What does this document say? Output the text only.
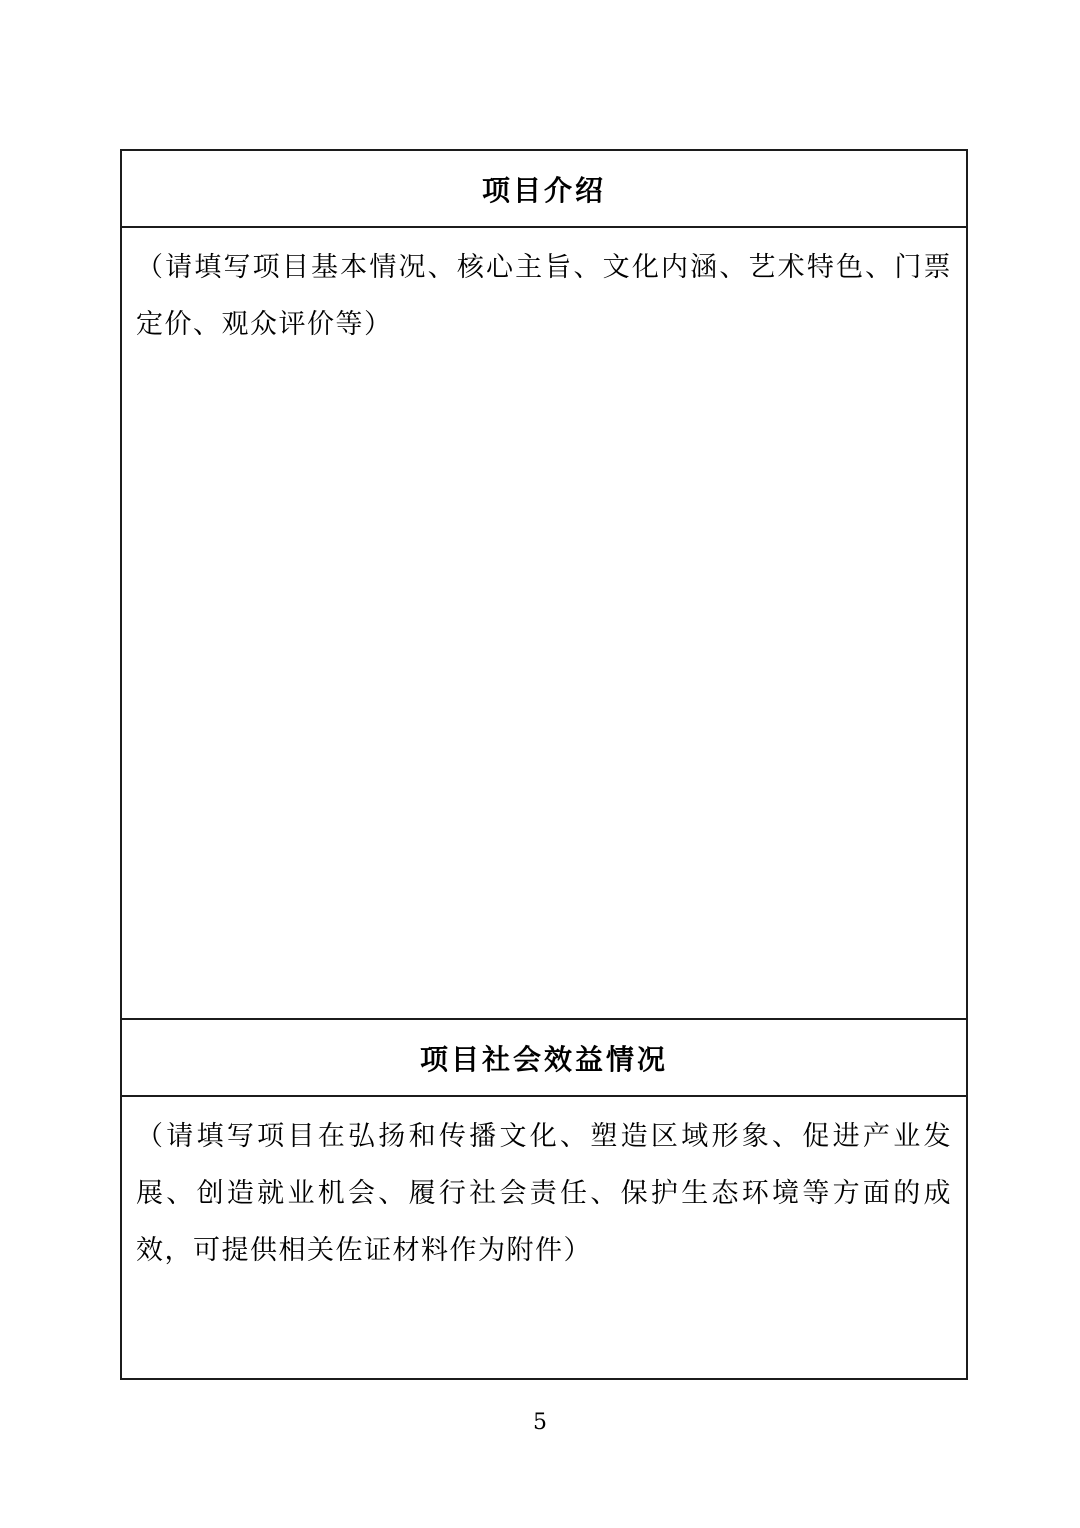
项目介绍

（请填写项目基本情况、核心主旨、文化内涵、艺术特色、门票定价、观众评价等）

项目社会效益情况

（请填写项目在弘扬和传播文化、塑造区域形象、促进产业发展、创造就业机会、履行社会责任、保护生态环境等方面的成效，可提供相关佐证材料作为附件）

5
